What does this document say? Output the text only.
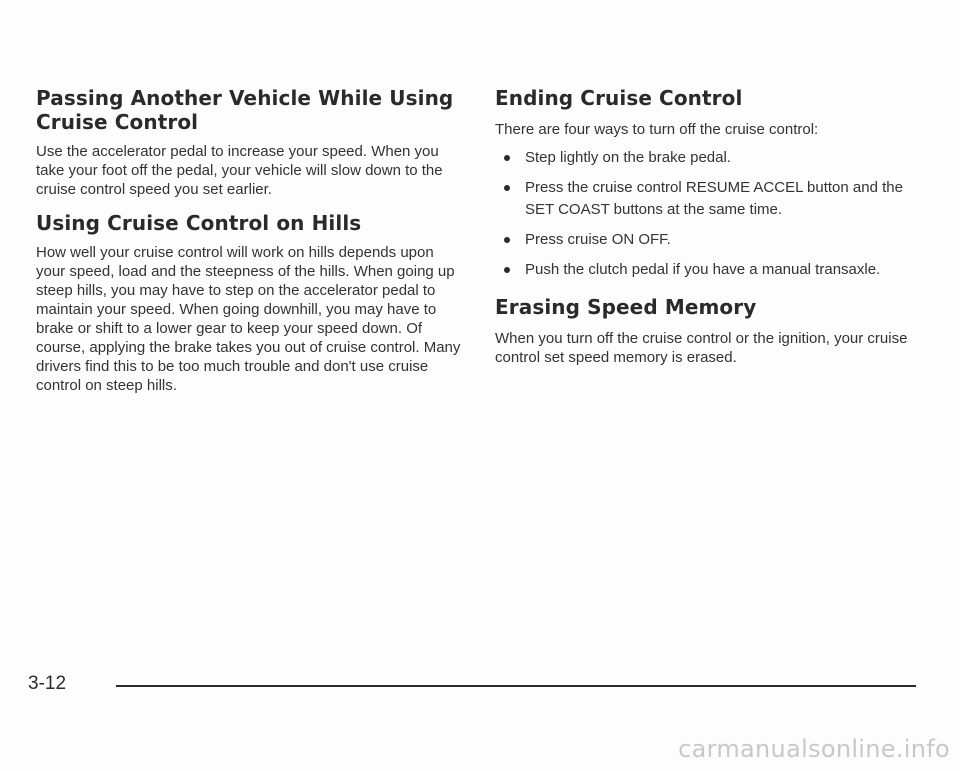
Passing Another Vehicle While Using
Cruise Control

Use the accelerator pedal to increase your speed. When you take your foot off the pedal, your vehicle will slow down to the cruise control speed you set earlier.

Using Cruise Control on Hills

How well your cruise control will work on hills depends upon your speed, load and the steepness of the hills. When going up steep hills, you may have to step on the accelerator pedal to maintain your speed. When going downhill, you may have to brake or shift to a lower gear to keep your speed down. Of course, applying the brake takes you out of cruise control. Many drivers find this to be too much trouble and don't use cruise control on steep hills.

Ending Cruise Control

There are four ways to turn off the cruise control:

Step lightly on the brake pedal.
Press the cruise control RESUME ACCEL button and the SET COAST buttons at the same time.
Press cruise ON OFF.
Push the clutch pedal if you have a manual transaxle.
Erasing Speed Memory

When you turn off the cruise control or the ignition, your cruise control set speed memory is erased.

3-12
carmanualsonline.info
